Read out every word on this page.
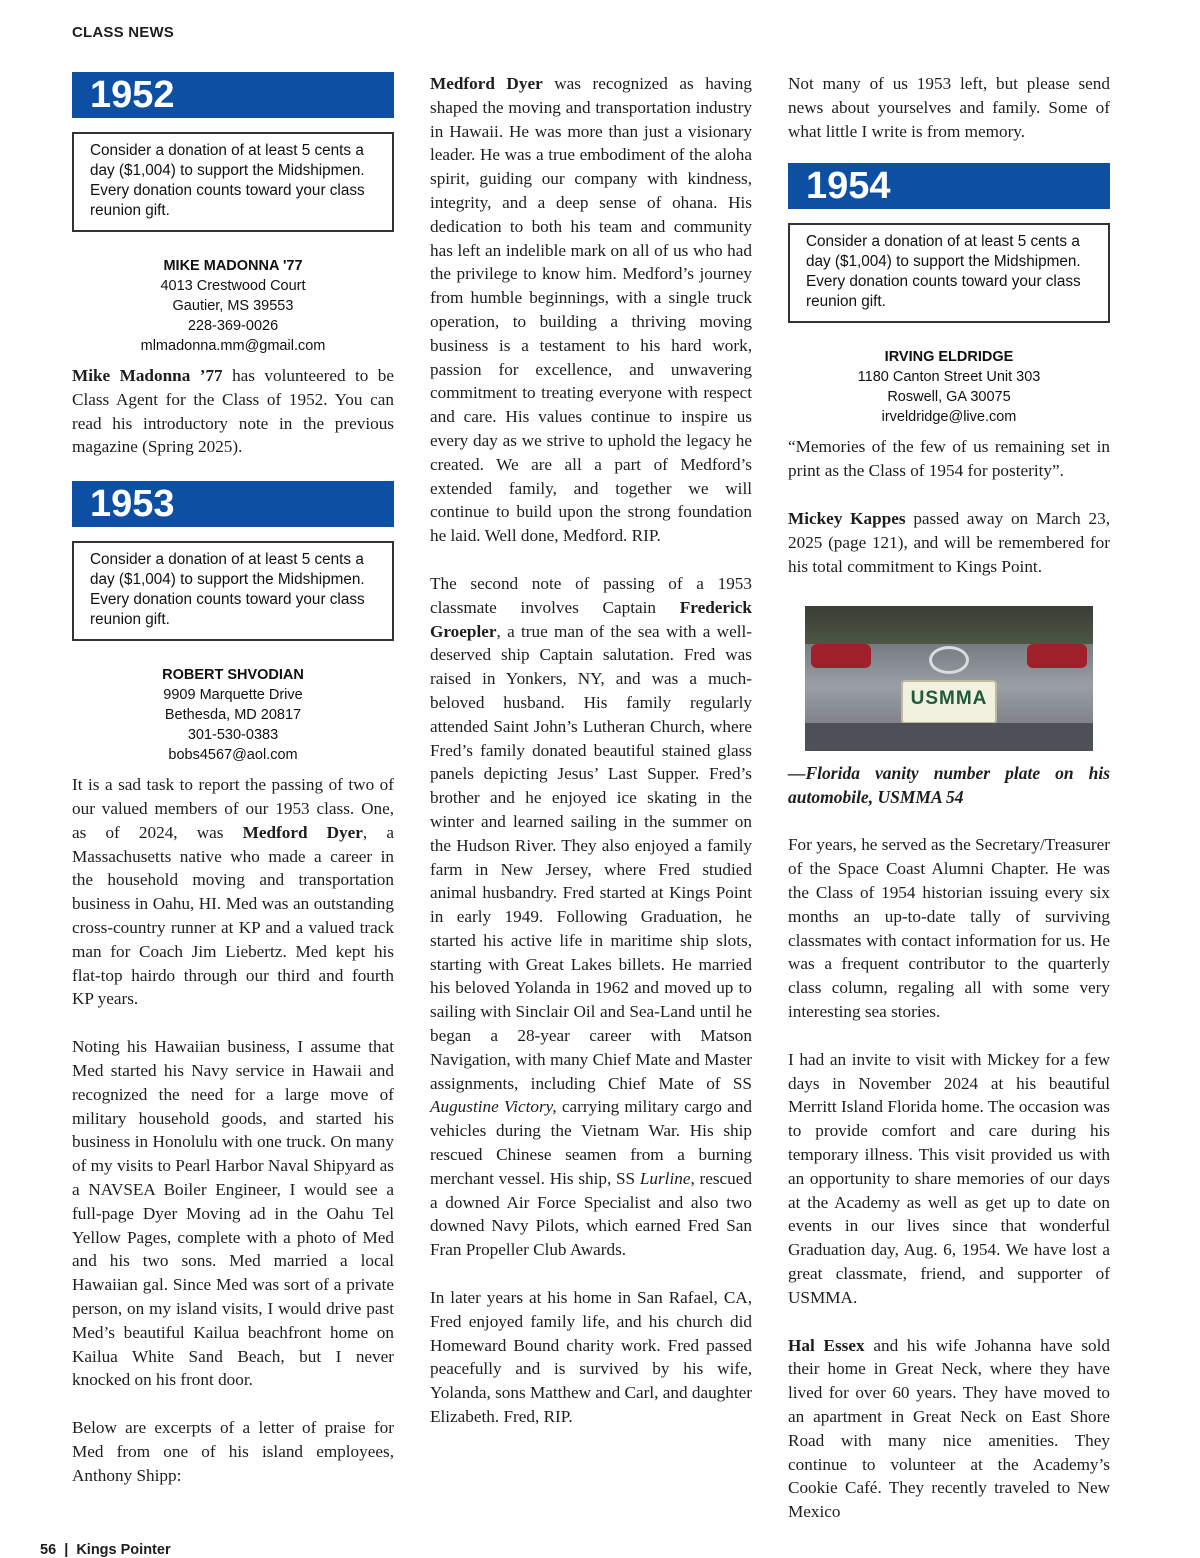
CLASS NEWS
1952
Consider a donation of at least 5 cents a day ($1,004) to support the Midshipmen. Every donation counts toward your class reunion gift.
MIKE MADONNA '77
4013 Crestwood Court
Gautier, MS 39553
228-369-0026
mlmadonna.mm@gmail.com

Mike Madonna ’77 has volunteered to be Class Agent for the Class of 1952. You can read his introductory note in the previous magazine (Spring 2025).

1953
Consider a donation of at least 5 cents a day ($1,004) to support the Midshipmen. Every donation counts toward your class reunion gift.
ROBERT SHVODIAN
9909 Marquette Drive
Bethesda, MD 20817
301-530-0383
bobs4567@aol.com

It is a sad task to report the passing of two of our valued members of our 1953 class. One, as of 2024, was Medford Dyer, a Massachusetts native who made a career in the household moving and transportation business in Oahu, HI. Med was an outstanding cross-country runner at KP and a valued track man for Coach Jim Liebertz. Med kept his flat-top hairdo through our third and fourth KP years.

Noting his Hawaiian business, I assume that Med started his Navy service in Hawaii and recognized the need for a large move of military household goods, and started his business in Honolulu with one truck. On many of my visits to Pearl Harbor Naval Shipyard as a NAVSEA Boiler Engineer, I would see a full-page Dyer Moving ad in the Oahu Tel Yellow Pages, complete with a photo of Med and his two sons. Med married a local Hawaiian gal. Since Med was sort of a private person, on my island visits, I would drive past Med’s beautiful Kailua beachfront home on Kailua White Sand Beach, but I never knocked on his front door.

Below are excerpts of a letter of praise for Med from one of his island employees, Anthony Shipp:

Medford Dyer was recognized as having shaped the moving and transportation industry in Hawaii. He was more than just a visionary leader. He was a true embodiment of the aloha spirit, guiding our company with kindness, integrity, and a deep sense of ohana. His dedication to both his team and community has left an indelible mark on all of us who had the privilege to know him. Medford’s journey from humble beginnings, with a single truck operation, to building a thriving moving business is a testament to his hard work, passion for excellence, and unwavering commitment to treating everyone with respect and care. His values continue to inspire us every day as we strive to uphold the legacy he created. We are all a part of Medford’s extended family, and together we will continue to build upon the strong foundation he laid. Well done, Medford. RIP.

The second note of passing of a 1953 classmate involves Captain Frederick Groepler, a true man of the sea with a well-deserved ship Captain salutation. Fred was raised in Yonkers, NY, and was a much-beloved husband. His family regularly attended Saint John’s Lutheran Church, where Fred’s family donated beautiful stained glass panels depicting Jesus’ Last Supper. Fred’s brother and he enjoyed ice skating in the winter and learned sailing in the summer on the Hudson River. They also enjoyed a family farm in New Jersey, where Fred studied animal husbandry. Fred started at Kings Point in early 1949. Following Graduation, he started his active life in maritime ship slots, starting with Great Lakes billets. He married his beloved Yolanda in 1962 and moved up to sailing with Sinclair Oil and Sea-Land until he began a 28-year career with Matson Navigation, with many Chief Mate and Master assignments, including Chief Mate of SS Augustine Victory, carrying military cargo and vehicles during the Vietnam War. His ship rescued Chinese seamen from a burning merchant vessel. His ship, SS Lurline, rescued a downed Air Force Specialist and also two downed Navy Pilots, which earned Fred San Fran Propeller Club Awards.

In later years at his home in San Rafael, CA, Fred enjoyed family life, and his church did Homeward Bound charity work. Fred passed peacefully and is survived by his wife, Yolanda, sons Matthew and Carl, and daughter Elizabeth. Fred, RIP.

Not many of us 1953 left, but please send news about yourselves and family. Some of what little I write is from memory.

1954
Consider a donation of at least 5 cents a day ($1,004) to support the Midshipmen. Every donation counts toward your class reunion gift.
IRVING ELDRIDGE
1180 Canton Street Unit 303
Roswell, GA 30075
irveldridge@live.com

“Memories of the few of us remaining set in print as the Class of 1954 for posterity”.

Mickey Kappes passed away on March 23, 2025 (page 121), and will be remembered for his total commitment to Kings Point.

USMMA
—Florida vanity number plate on his automobile, USMMA 54

For years, he served as the Secretary/Treasurer of the Space Coast Alumni Chapter. He was the Class of 1954 historian issuing every six months an up-to-date tally of surviving classmates with contact information for us. He was a frequent contributor to the quarterly class column, regaling all with some very interesting sea stories.

I had an invite to visit with Mickey for a few days in November 2024 at his beautiful Merritt Island Florida home. The occasion was to provide comfort and care during his temporary illness. This visit provided us with an opportunity to share memories of our days at the Academy as well as get up to date on events in our lives since that wonderful Graduation day, Aug. 6, 1954. We have lost a great classmate, friend, and supporter of USMMA.

Hal Essex and his wife Johanna have sold their home in Great Neck, where they have lived for over 60 years. They have moved to an apartment in Great Neck on East Shore Road with many nice amenities. They continue to volunteer at the Academy’s Cookie Café. They recently traveled to New Mexico

56 | Kings Pointer
